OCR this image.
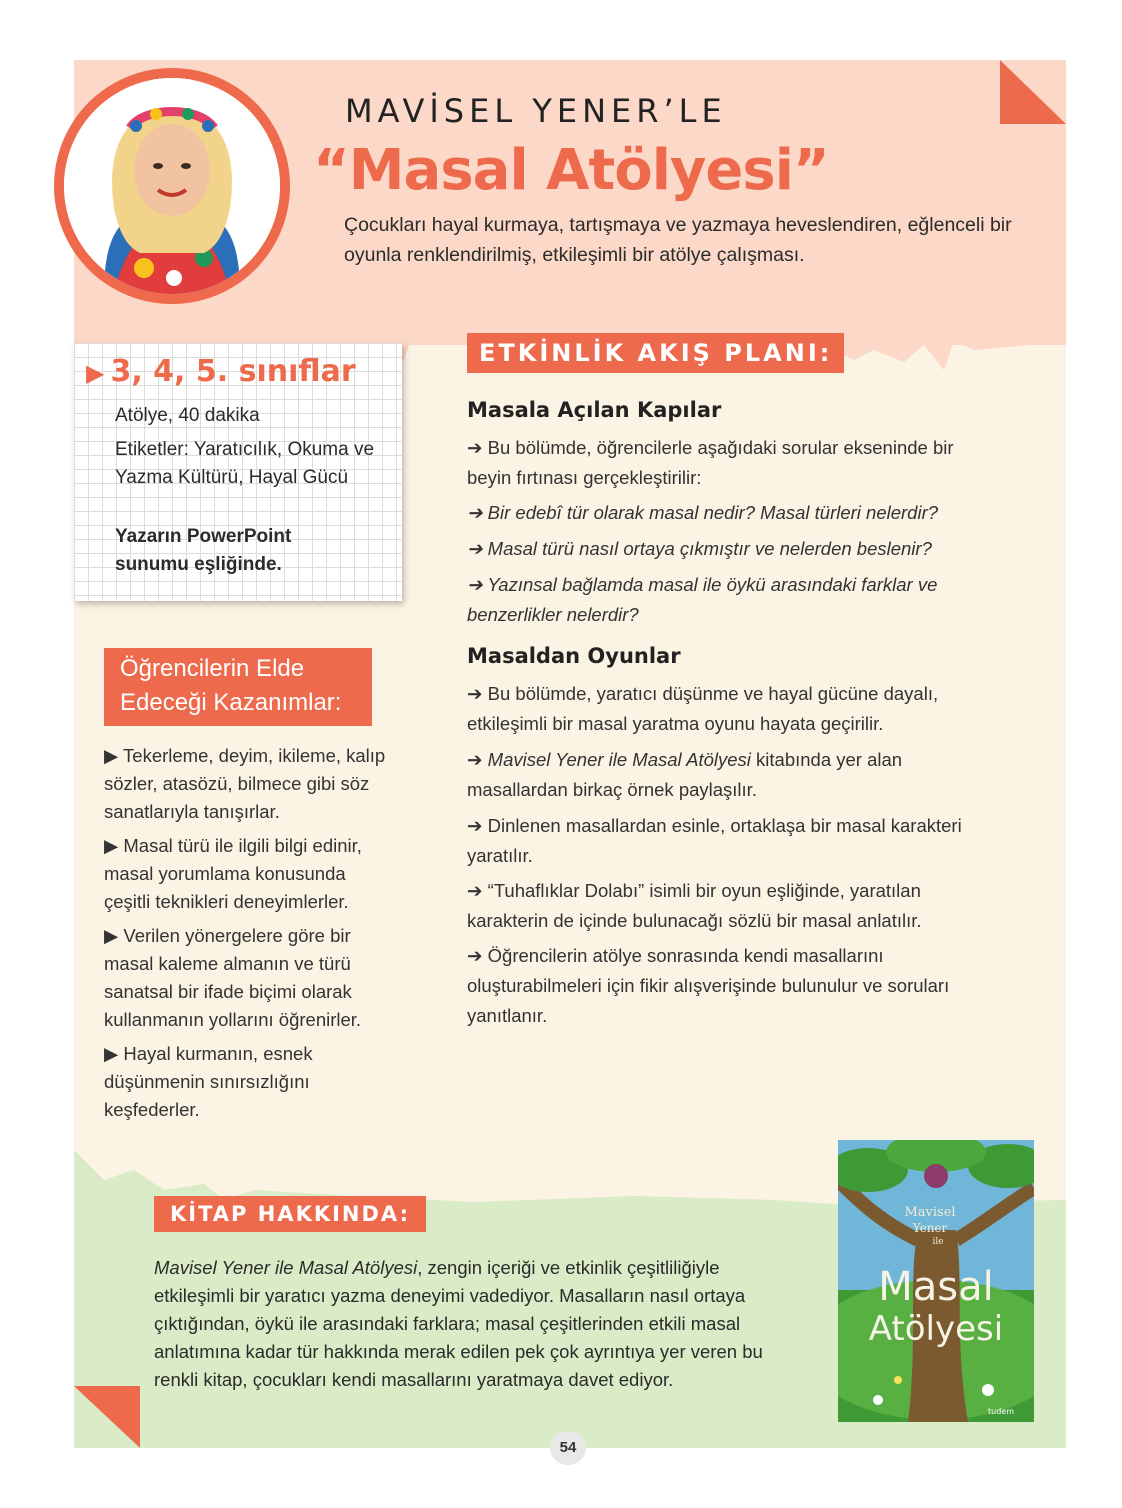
MAVİSEL YENER’LE
“Masal Atölyesi”
Çocukları hayal kurmaya, tartışmaya ve yazmaya heveslendiren, eğlenceli bir oyunla renklendirilmiş, etkileşimli bir atölye çalışması.
▶ 3, 4, 5. sınıflar
Atölye, 40 dakika
Etiketler: Yaratıcılık, Okuma ve Yazma Kültürü, Hayal Gücü
Yazarın PowerPoint sunumu eşliğinde.
Öğrencilerin Elde Edeceği Kazanımlar:
▶ Tekerleme, deyim, ikileme, kalıp sözler, atasözü, bilmece gibi söz sanatlarıyla tanışırlar.
▶ Masal türü ile ilgili bilgi edinir, masal yorumlama konusunda çeşitli teknikleri deneyimlerler.
▶ Verilen yönergelere göre bir masal kaleme almanın ve türü sanatsal bir ifade biçimi olarak kullanmanın yollarını öğrenirler.
▶ Hayal kurmanın, esnek düşünmenin sınırsızlığını keşfederler.
ETKİNLİK AKIŞ PLANI:
Masala Açılan Kapılar
➔ Bu bölümde, öğrencilerle aşağıdaki sorular ekseninde bir beyin fırtınası gerçekleştirilir:
➔ Bir edebî tür olarak masal nedir? Masal türleri nelerdir?
➔ Masal türü nasıl ortaya çıkmıştır ve nelerden beslenir?
➔ Yazınsal bağlamda masal ile öykü arasındaki farklar ve benzerlikler nelerdir?
Masaldan Oyunlar
➔ Bu bölümde, yaratıcı düşünme ve hayal gücüne dayalı, etkileşimli bir masal yaratma oyunu hayata geçirilir.
➔ Mavisel Yener ile Masal Atölyesi kitabında yer alan masallardan birkaç örnek paylaşılır.
➔ Dinlenen masallardan esinle, ortaklaşa bir masal karakteri yaratılır.
➔ “Tuhaflıklar Dolabı” isimli bir oyun eşliğinde, yaratılan karakterin de içinde bulunacağı sözlü bir masal anlatılır.
➔ Öğrencilerin atölye sonrasında kendi masallarını oluşturabilmeleri için fikir alışverişinde bulunulur ve soruları yanıtlanır.
KİTAP HAKKINDA:
Mavisel Yener ile Masal Atölyesi, zengin içeriği ve etkinlik çeşitliliğiyle etkileşimli bir yaratıcı yazma deneyimi vadediyor. Masalların nasıl ortaya çıktığından, öykü ile arasındaki farklara; masal çeşitlerinden etkili masal anlatımına kadar tür hakkında merak edilen pek çok ayrıntıya yer veren bu renkli kitap, çocukları kendi masallarını yaratmaya davet ediyor.
Mavisel
Yener
ile
Masal
Atölyesi
tudem
54
